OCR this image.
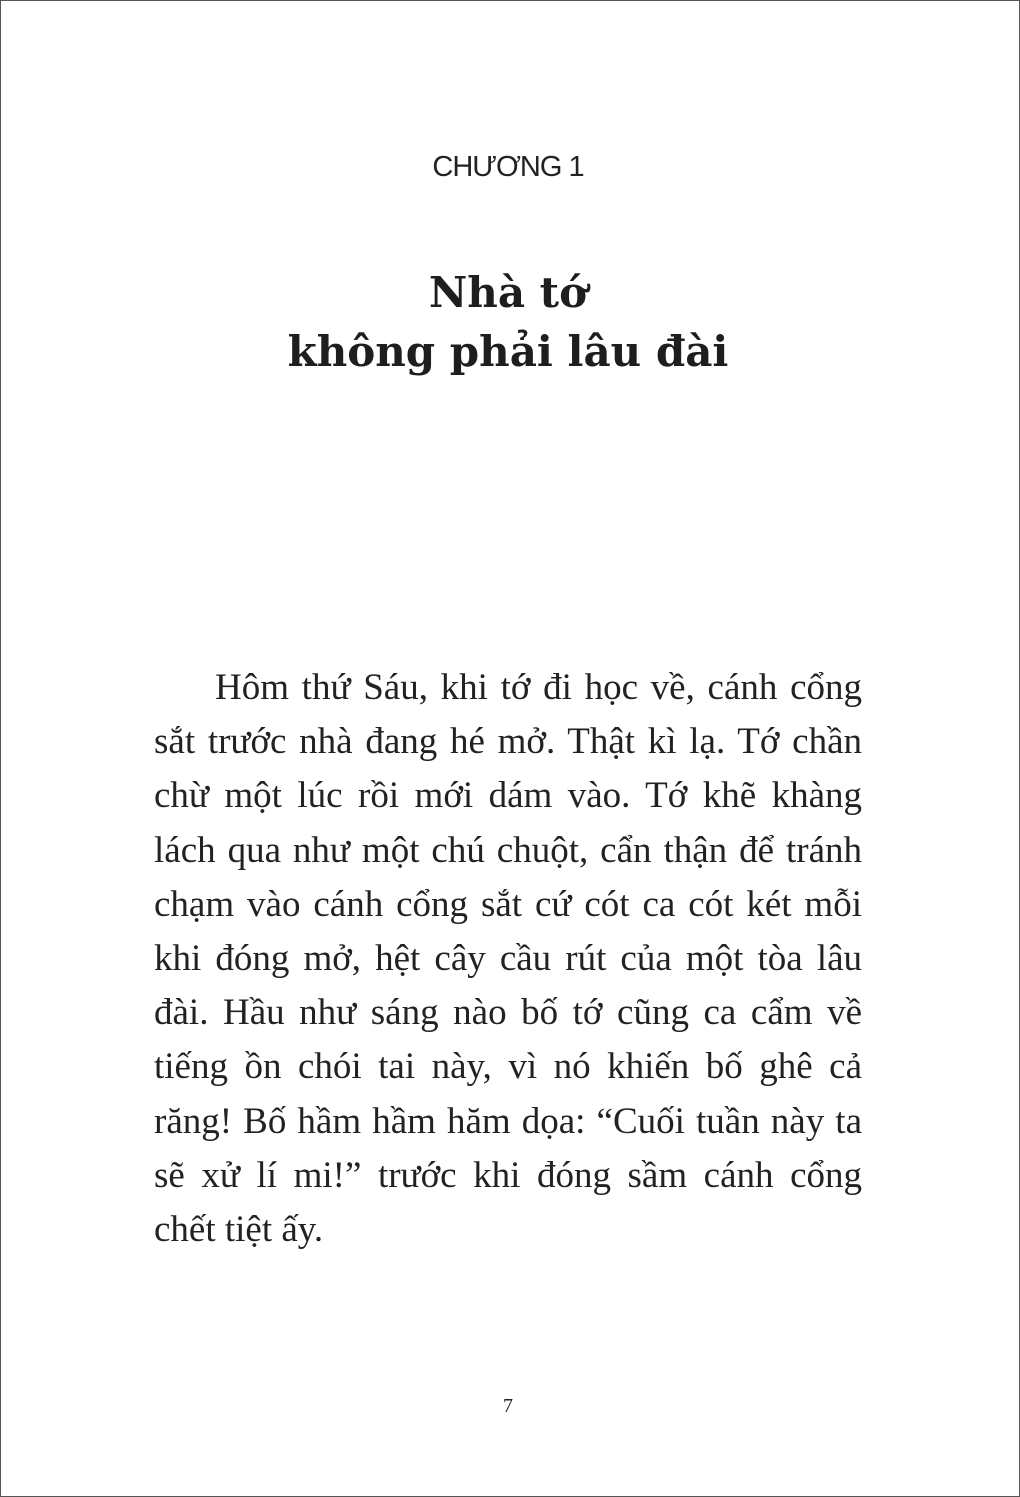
CHƯƠNG 1
Nhà tớ
không phải lâu đài

Hôm thứ Sáu, khi tớ đi học về, cánh cổng sắt trước nhà đang hé mở. Thật kì lạ. Tớ chần chừ một lúc rồi mới dám vào. Tớ khẽ khàng lách qua như một chú chuột, cẩn thận để tránh chạm vào cánh cổng sắt cứ cót ca cót két mỗi khi đóng mở, hệt cây cầu rút của một tòa lâu đài. Hầu như sáng nào bố tớ cũng ca cẩm về tiếng ồn chói tai này, vì nó khiến bố ghê cả răng! Bố hầm hầm hăm dọa: “Cuối tuần này ta sẽ xử lí mi!” trước khi đóng sầm cánh cổng chết tiệt ấy.

7
